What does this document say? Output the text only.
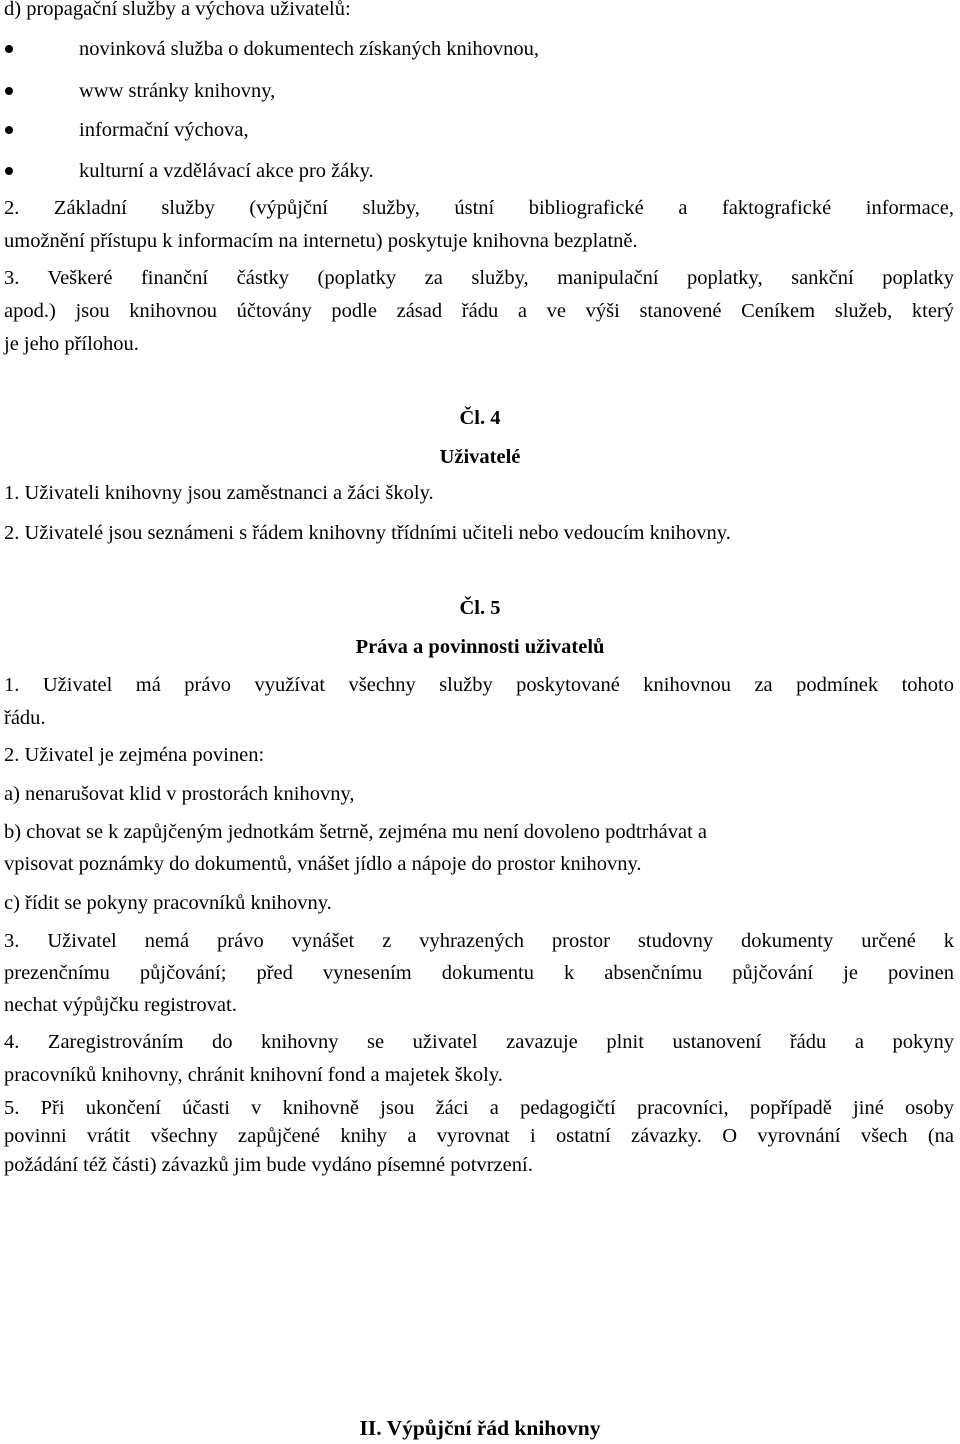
d) propagační služby a výchova uživatelů:
novinková služba o dokumentech získaných knihovnou,
www stránky knihovny,
informační výchova,
kulturní a vzdělávací akce pro žáky.
2. Základní služby (výpůjční služby, ústní bibliografické a faktografické informace,
umožnění přístupu k informacím na internetu) poskytuje knihovna bezplatně.
3. Veškeré finanční částky (poplatky za služby, manipulační poplatky, sankční poplatky
apod.) jsou knihovnou účtovány podle zásad řádu a ve výši stanovené Ceníkem služeb, který
je jeho přílohou.
Čl. 4
Uživatelé
1. Uživateli knihovny jsou zaměstnanci a žáci školy.
2. Uživatelé jsou seznámeni s řádem knihovny třídními učiteli nebo vedoucím knihovny.
Čl. 5
Práva a povinnosti uživatelů
1. Uživatel má právo využívat všechny služby poskytované knihovnou za podmínek tohoto
řádu.
2. Uživatel je zejména povinen:
a) nenarušovat klid v prostorách knihovny,
b) chovat se k zapůjčeným jednotkám šetrně, zejména mu není dovoleno podtrhávat a
vpisovat poznámky do dokumentů, vnášet jídlo a nápoje do prostor knihovny.
c) řídit se pokyny pracovníků knihovny.
3. Uživatel nemá právo vynášet z vyhrazených prostor studovny dokumenty určené k
prezenčnímu půjčování; před vynesením dokumentu k absenčnímu půjčování je povinen
nechat výpůjčku registrovat.
4. Zaregistrováním do knihovny se uživatel zavazuje plnit ustanovení řádu a pokyny
pracovníků knihovny, chránit knihovní fond a majetek školy.
5. Při ukončení účasti v knihovně jsou žáci a pedagogičtí pracovníci, popřípadě jiné osoby
povinni vrátit všechny zapůjčené knihy a vyrovnat i ostatní závazky. O vyrovnání všech (na
požádání též části) závazků jim bude vydáno písemné potvrzení.
II. Výpůjční řád knihovny
